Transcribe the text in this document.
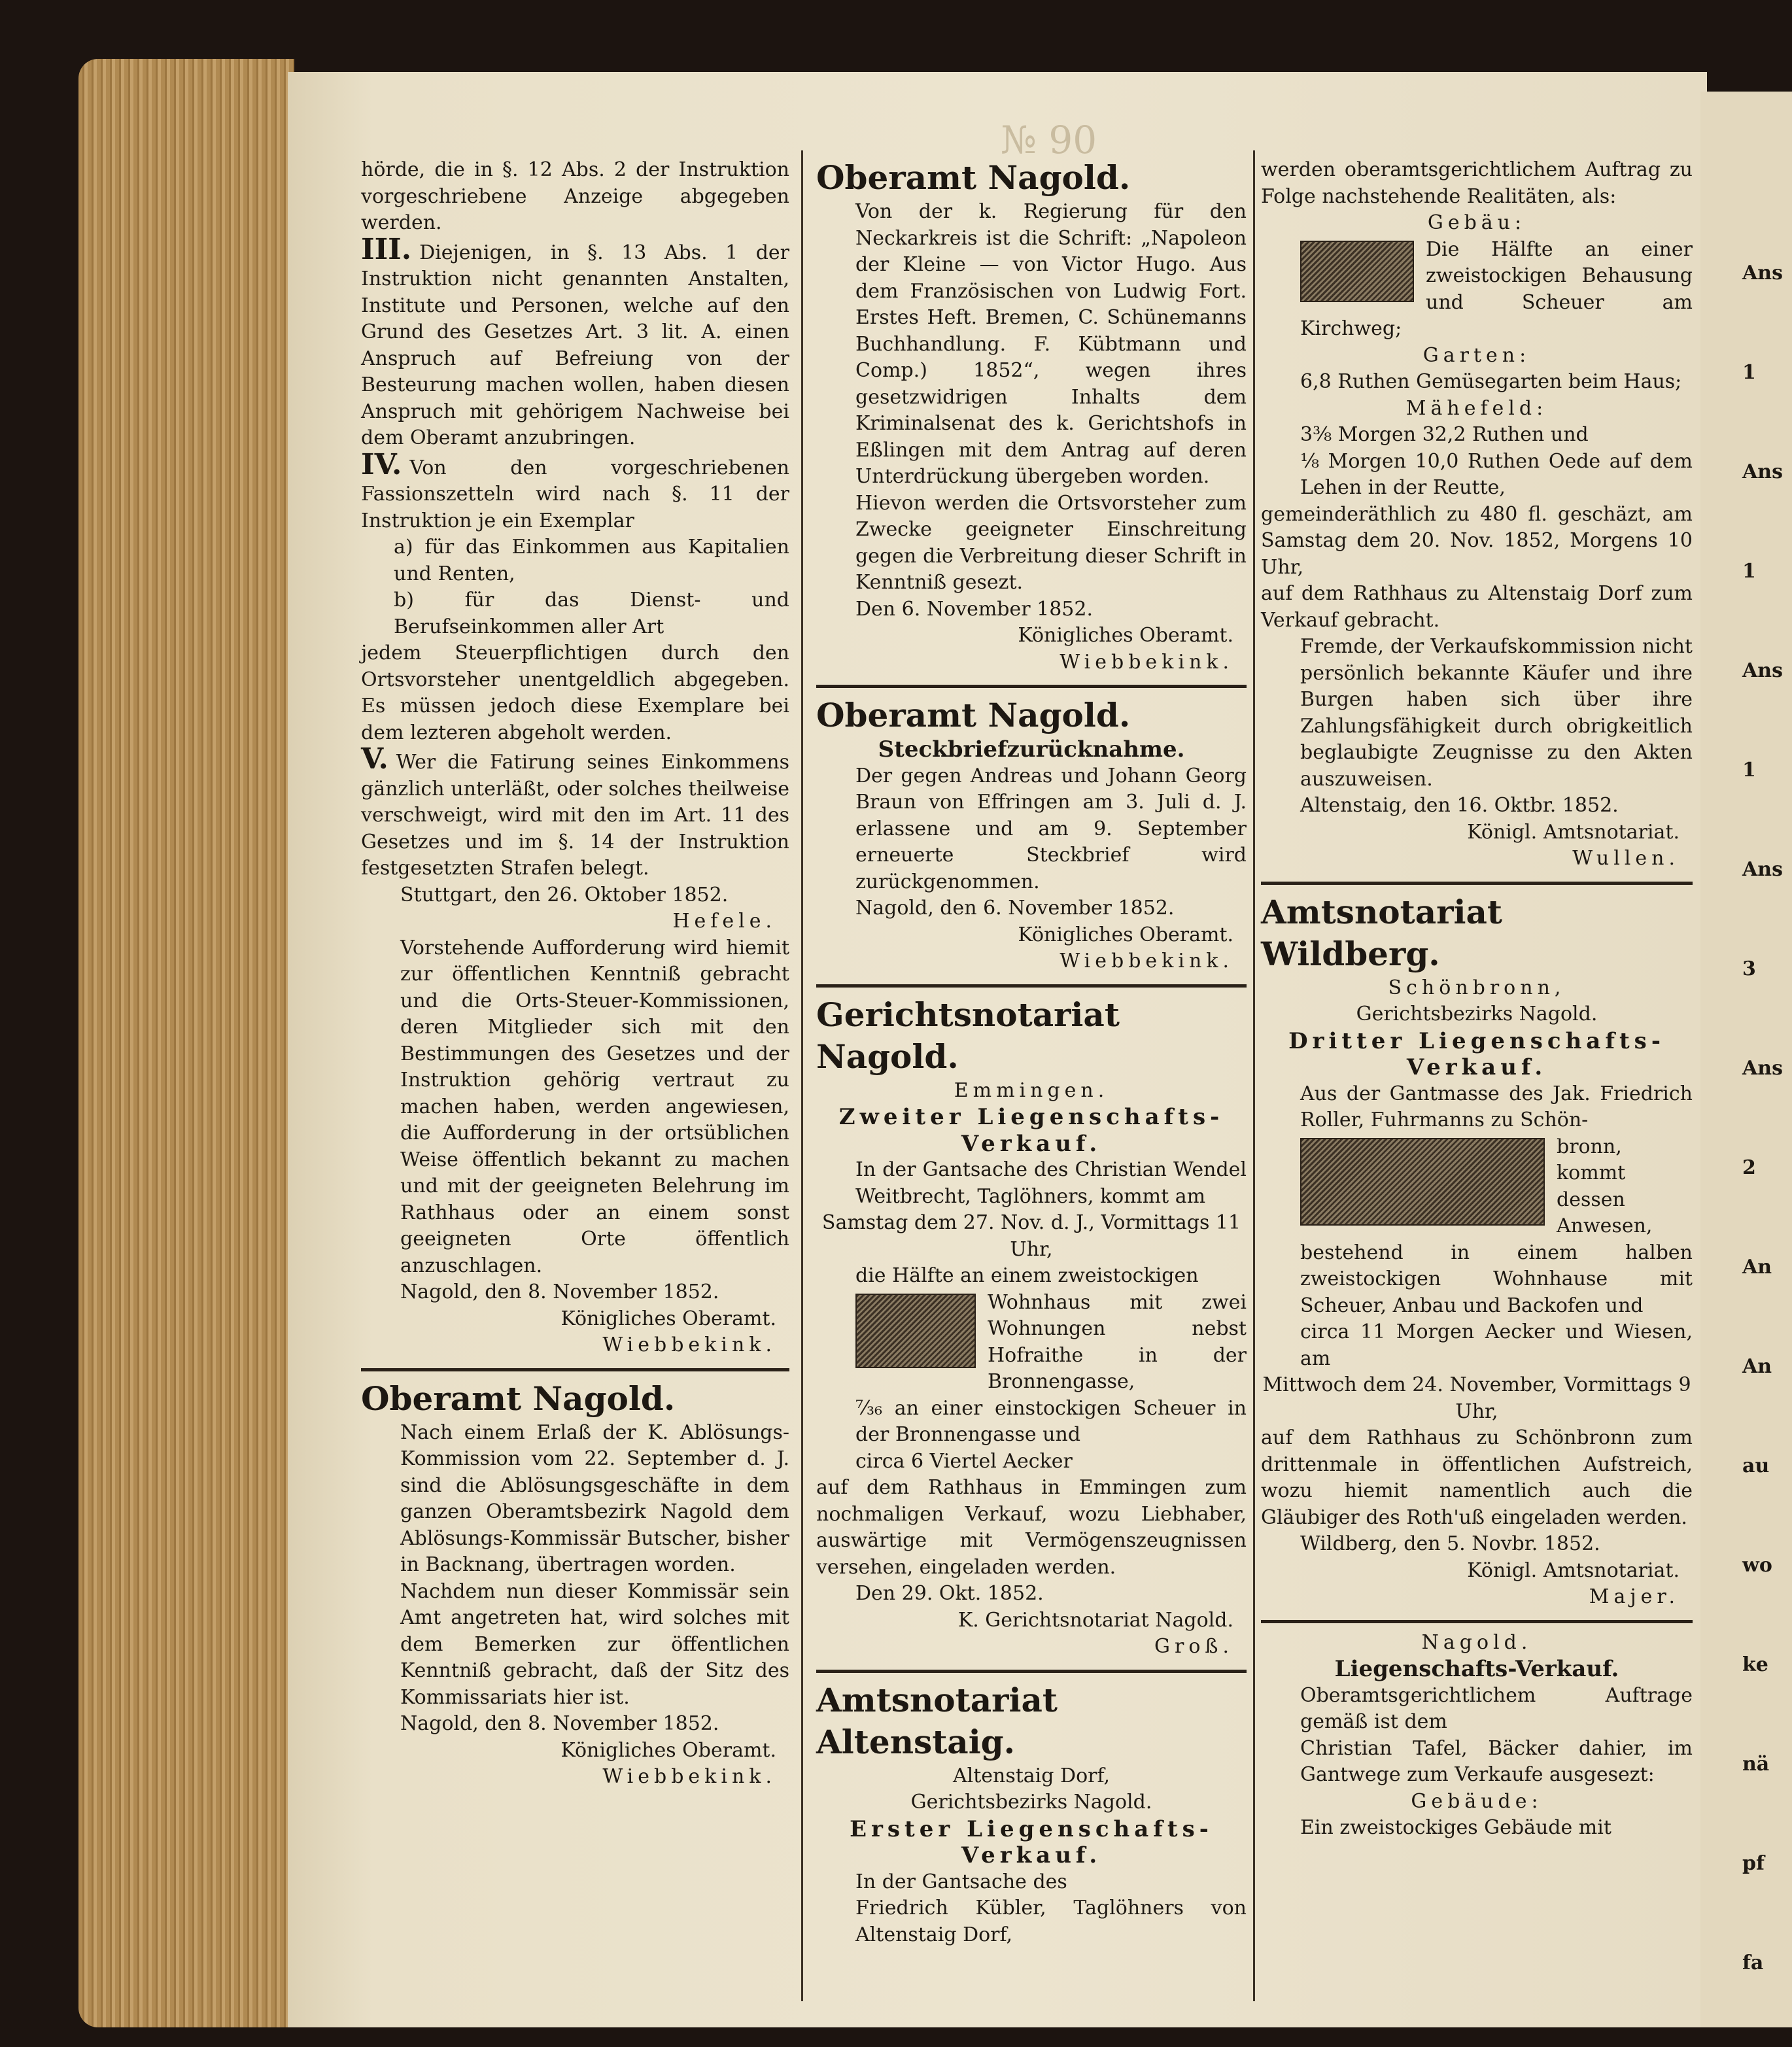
№ 90

hörde, die in §. 12 Abs. 2 der Instruktion vorgeschriebene Anzeige abgegeben werden.

III. Diejenigen, in §. 13 Abs. 1 der Instruktion nicht genannten Anstalten, Institute und Personen, welche auf den Grund des Gesetzes Art. 3 lit. A. einen Anspruch auf Befreiung von der Besteurung machen wollen, haben diesen Anspruch mit gehörigem Nachweise bei dem Oberamt anzubringen.

IV. Von den vorgeschriebenen Fassionszetteln wird nach §. 11 der Instruktion je ein Exemplar

a) für das Einkommen aus Kapitalien und Renten,

b) für das Dienst- und Berufseinkommen aller Art

jedem Steuerpflichtigen durch den Ortsvorsteher unentgeldlich abgegeben. Es müssen jedoch diese Exemplare bei dem lezteren abgeholt werden.

V. Wer die Fatirung seines Einkommens gänzlich unterläßt, oder solches theilweise verschweigt, wird mit den im Art. 11 des Gesetzes und im §. 14 der Instruktion festgesetzten Strafen belegt.

Stuttgart, den 26. Oktober 1852.

Hefele.

Vorstehende Aufforderung wird hiemit zur öffentlichen Kenntniß gebracht und die Orts-Steuer-Kommissionen, deren Mitglieder sich mit den Bestimmungen des Gesetzes und der Instruktion gehörig vertraut zu machen haben, werden angewiesen, die Aufforderung in der ortsüblichen Weise öffentlich bekannt zu machen und mit der geeigneten Belehrung im Rathhaus oder an einem sonst geeigneten Orte öffentlich anzuschlagen.

Nagold, den 8. November 1852.

Königliches Oberamt.

Wiebbekink.

Oberamt Nagold.

Nach einem Erlaß der K. Ablösungs-Kommission vom 22. September d. J. sind die Ablösungsgeschäfte in dem ganzen Oberamtsbezirk Nagold dem Ablösungs-Kommissär Butscher, bisher in Backnang, übertragen worden.

Nachdem nun dieser Kommissär sein Amt angetreten hat, wird solches mit dem Bemerken zur öffentlichen Kenntniß gebracht, daß der Sitz des Kommissariats hier ist.

Nagold, den 8. November 1852.

Königliches Oberamt.

Wiebbekink.

Oberamt Nagold.

Von der k. Regierung für den Neckarkreis ist die Schrift: „Napoleon der Kleine — von Victor Hugo. Aus dem Französischen von Ludwig Fort. Erstes Heft. Bremen, C. Schünemanns Buchhandlung. F. Kübtmann und Comp.) 1852“, wegen ihres gesetzwidrigen Inhalts dem Kriminalsenat des k. Gerichtshofs in Eßlingen mit dem Antrag auf deren Unterdrückung übergeben worden.

Hievon werden die Ortsvorsteher zum Zwecke geeigneter Einschreitung gegen die Verbreitung dieser Schrift in Kenntniß gesezt.

Den 6. November 1852.

Königliches Oberamt.

Wiebbekink.

Oberamt Nagold.

Steckbriefzurücknahme.

Der gegen Andreas und Johann Georg Braun von Effringen am 3. Juli d. J. erlassene und am 9. September erneuerte Steckbrief wird zurückgenommen.

Nagold, den 6. November 1852.

Königliches Oberamt.

Wiebbekink.

Gerichtsnotariat Nagold.

Emmingen.

Zweiter Liegenschafts-Verkauf.

In der Gantsache des Christian Wendel Weitbrecht, Taglöhners, kommt am

Samstag dem 27. Nov. d. J., Vormittags 11 Uhr,

die Hälfte an einem zweistockigen

Wohnhaus mit zwei Wohnungen nebst Hofraithe in der Bronnengasse,

⁷⁄₃₆ an einer einstockigen Scheuer in der Bronnengasse und

circa 6 Viertel Aecker

auf dem Rathhaus in Emmingen zum nochmaligen Verkauf, wozu Liebhaber, auswärtige mit Vermögenszeugnissen versehen, eingeladen werden.

Den 29. Okt. 1852.

K. Gerichtsnotariat Nagold.

Groß.

Amtsnotariat Altenstaig.

Altenstaig Dorf,

Gerichtsbezirks Nagold.

Erster Liegenschafts-Verkauf.

In der Gantsache des

Friedrich Kübler, Taglöhners von Altenstaig Dorf,

werden oberamtsgerichtlichem Auftrag zu Folge nachstehende Realitäten, als:

Gebäu:

Die Hälfte an einer zweistockigen Behausung und Scheuer am Kirchweg;

Garten:

6,8 Ruthen Gemüsegarten beim Haus;

Mähefeld:

3⅜ Morgen 32,2 Ruthen und

⅛ Morgen 10,0 Ruthen Oede auf dem Lehen in der Reutte,

gemeinderäthlich zu 480 fl. geschäzt, am Samstag dem 20. Nov. 1852, Morgens 10 Uhr,

auf dem Rathhaus zu Altenstaig Dorf zum Verkauf gebracht.

Fremde, der Verkaufskommission nicht persönlich bekannte Käufer und ihre Burgen haben sich über ihre Zahlungsfähigkeit durch obrigkeitlich beglaubigte Zeugnisse zu den Akten auszuweisen.

Altenstaig, den 16. Oktbr. 1852.

Königl. Amtsnotariat.

Wullen.

Amtsnotariat Wildberg.

Schönbronn,

Gerichtsbezirks Nagold.

Dritter Liegenschafts-Verkauf.

Aus der Gantmasse des Jak. Friedrich Roller, Fuhrmanns zu Schön-

bronn, kommt dessen Anwesen, bestehend in einem halben zweistockigen Wohnhause mit Scheuer, Anbau und Backofen und

circa 11 Morgen Aecker und Wiesen, am

Mittwoch dem 24. November, Vormittags 9 Uhr,

auf dem Rathhaus zu Schönbronn zum drittenmale in öffentlichen Aufstreich, wozu hiemit namentlich auch die Gläubiger des Roth'uß eingeladen werden.

Wildberg, den 5. Novbr. 1852.

Königl. Amtsnotariat.

Majer.

Nagold.

Liegenschafts-Verkauf.

Oberamtsgerichtlichem Auftrage gemäß ist dem

Christian Tafel, Bäcker dahier, im Gantwege zum Verkaufe ausgesezt:

Gebäude:

Ein zweistockiges Gebäude mit

Ans
1
Ans
1
Ans
1
Ans
3
Ans
2
An
An
au
wo
ke
nä
pf
fa
